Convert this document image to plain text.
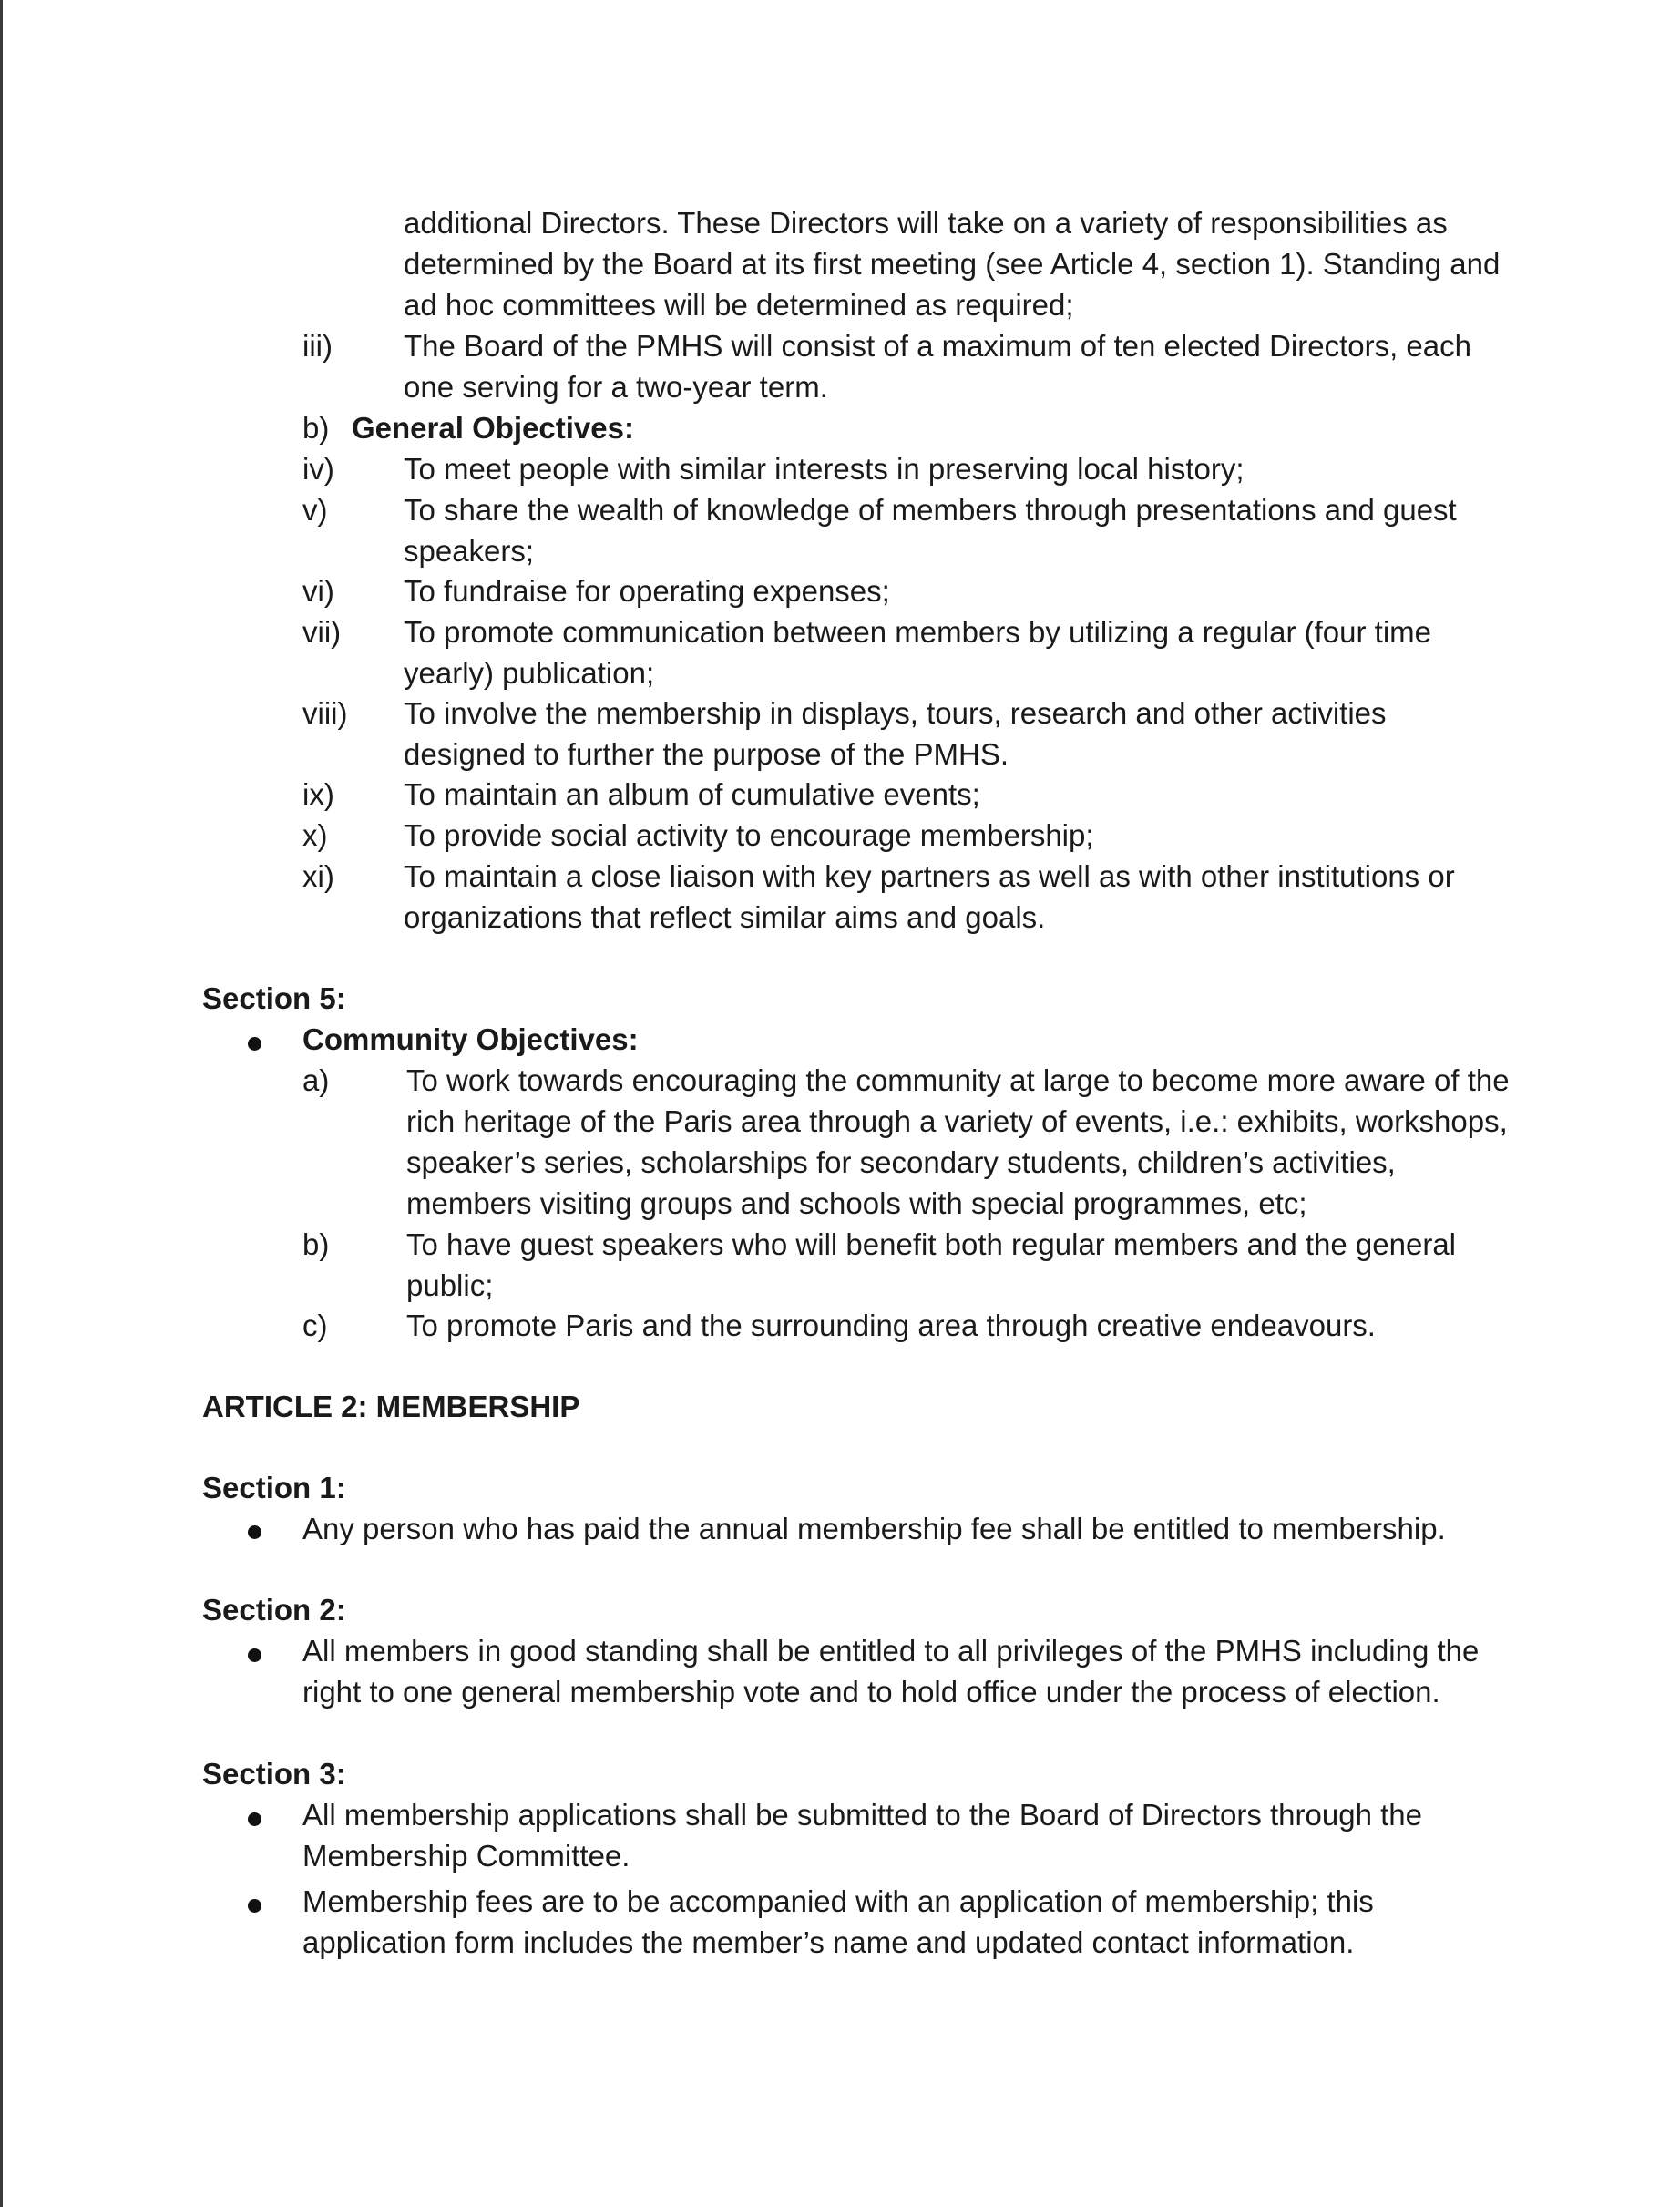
additional Directors. These Directors will take on a variety of responsibilities as determined by the Board at its first meeting (see Article 4, section 1). Standing and ad hoc committees will be determined as required;
iii) The Board of the PMHS will consist of a maximum of ten elected Directors, each one serving for a two-year term.
b) General Objectives:
iv) To meet people with similar interests in preserving local history;
v)	To share the wealth of knowledge of members through presentations and guest speakers;
vi) To fundraise for operating expenses;
vii) To promote communication between members by utilizing a regular (four time yearly) publication;
viii) To involve the membership in displays, tours, research and other activities designed to further the purpose of the PMHS.
ix) To maintain an album of cumulative events;
x)	To provide social activity to encourage membership;
xi) To maintain a close liaison with key partners as well as with other institutions or organizations that reflect similar aims and goals.
Section 5:
Community Objectives:
a)	To work towards encouraging the community at large to become more aware of the rich heritage of the Paris area through a variety of events, i.e.: exhibits, workshops, speaker’s series, scholarships for secondary students, children’s activities, members visiting groups and schools with special programmes, etc;
b)	To have guest speakers who will benefit both regular members and the general public;
c)	To promote Paris and the surrounding area through creative endeavours.
ARTICLE 2: MEMBERSHIP
Section 1:
Any person who has paid the annual membership fee shall be entitled to membership.
Section 2:
All members in good standing shall be entitled to all privileges of the PMHS including the right to one general membership vote and to hold office under the process of election.
Section 3:
All membership applications shall be submitted to the Board of Directors through the Membership Committee.
Membership fees are to be accompanied with an application of membership; this application form includes the member’s name and updated contact information.
